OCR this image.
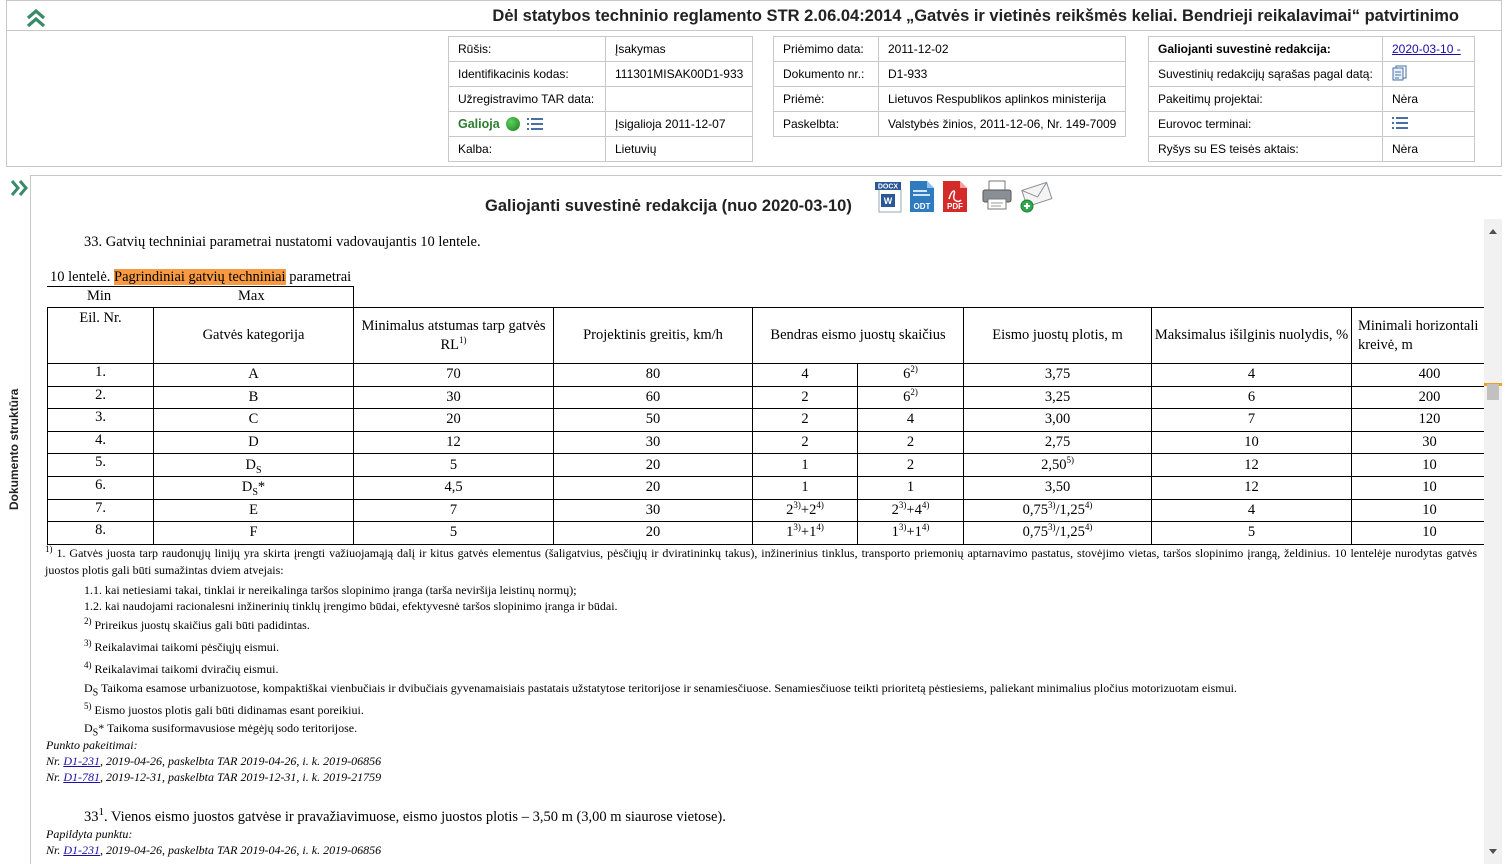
Dėl statybos techninio reglamento STR 2.06.04:2014 „Gatvės ir vietinės reikšmės keliai. Bendrieji reikalavimai“ patvirtinimo
Rūšis:	Įsakymas
Identifikacinis kodas:	111301MISAK00D1-933
Užregistravimo TAR data:	
Galioja	Įsigalioja 2011-12-07
Kalba:	Lietuvių
Priėmimo data:	2011-12-02
Dokumento nr.:	D1-933
Priėmė:	Lietuvos Respublikos aplinkos ministerija
Paskelbta:	Valstybės žinios, 2011-12-06, Nr. 149-7009
Galiojanti suvestinė redakcija:	2020-03-10 -
Suvestinių redakcijų sąrašas pagal datą:	
Pakeitimų projektai:	Nėra
Eurovoc terminai:	
Ryšys su ES teisės aktais:	Nėra
Dokumento struktūra
Galiojanti suvestinė redakcija (nuo 2020-03-10)
DOCX
W
ODT PDF
33. Gatvių techniniai parametrai nustatomi vadovaujantis 10 lentele.
10 lentelė. Pagrindiniai gatvių techniniai parametrai
Min	Max
Eil. Nr.	Gatvės kategorija	Minimalus atstumas tarp gatvės RL$^{1)}$	Projektinis greitis, km/h	Bendras eismo juostų skaičius		Eismo juostų plotis, m	Maksimalus išilginis nuolydis, %	Minimali horizontali kreivė, m
1.	A	70	80	4	6$^{2)}$	3,75	4	400
2.	B	30	60	2	6$^{2)}$	3,25	6	200
3.	C	20	50	2	4	3,00	7	120
4.	D	12	30	2	2	2,75	10	30
5.	$D_S$	5	20	1	2	2,50$^{5)}$	12	10
6.	$D_S*$	4,5	20	1	1	3,50	12	10
7.	E	7	30	$2^{3)}+2^{4)}$	$2^{3)}+4^{4)}$	0,75$^{3)}$/1,25$^{4)}$	4	10
8.	F	5	20	$1^{3)}+1^{4)}$	$1^{3)}+1^{4)}$	0,75$^{3)}$/1,25$^{4)}$	5	10
$^{1)}$ 1. Gatvės juosta tarp raudonųjų linijų yra skirta įrengti važiuojamąją dalį ir kitus gatvės elementus (šaligatvius, pėsčiųjų ir dviratininkų takus), inžinerinius tinklus, transporto priemonių aptarnavimo pastatus, stovėjimo vietas, taršos slopinimo įrangą, želdinius. 10 lentelėje nurodytas gatvės juostos plotis gali būti sumažintas dviem atvejais:
1.1. kai netiesiami takai, tinklai ir nereikalinga taršos slopinimo įranga (tarša neviršija leistinų normų);
1.2. kai naudojami racionalesni inžinerinių tinklų įrengimo būdai, efektyvesnė taršos slopinimo įranga ir būdai.
$^{2)}$ Prireikus juostų skaičius gali būti padidintas.
$^{3)}$ Reikalavimai taikomi pėsčiųjų eismui.
$^{4)}$ Reikalavimai taikomi dviračių eismui.
$D_S$ Taikoma esamose urbanizuotose, kompaktiškai vienbučiais ir dvibučiais gyvenamaisiais pastatais užstatytose teritorijose ir senamiesčiuose. Senamiesčiuose teikti prioritetą pėstiesiems, paliekant minimalius pločius motorizuotam eismui.
$^{5)}$ Eismo juostos plotis gali būti didinamas esant poreikiui.
$D_S*$ Taikoma susiformavusiose mėgėjų sodo teritorijose.
Punkto pakeitimai:
Nr. D1-231, 2019-04-26, paskelbta TAR 2019-04-26, i. k. 2019-06856
Nr. D1-781, 2019-12-31, paskelbta TAR 2019-12-31, i. k. 2019-21759
$33^1$. Vienos eismo juostos gatvėse ir pravažiavimuose, eismo juostos plotis – 3,50 m (3,00 m siaurose vietose).
Papildyta punktu:
Nr. D1-231, 2019-04-26, paskelbta TAR 2019-04-26, i. k. 2019-06856
